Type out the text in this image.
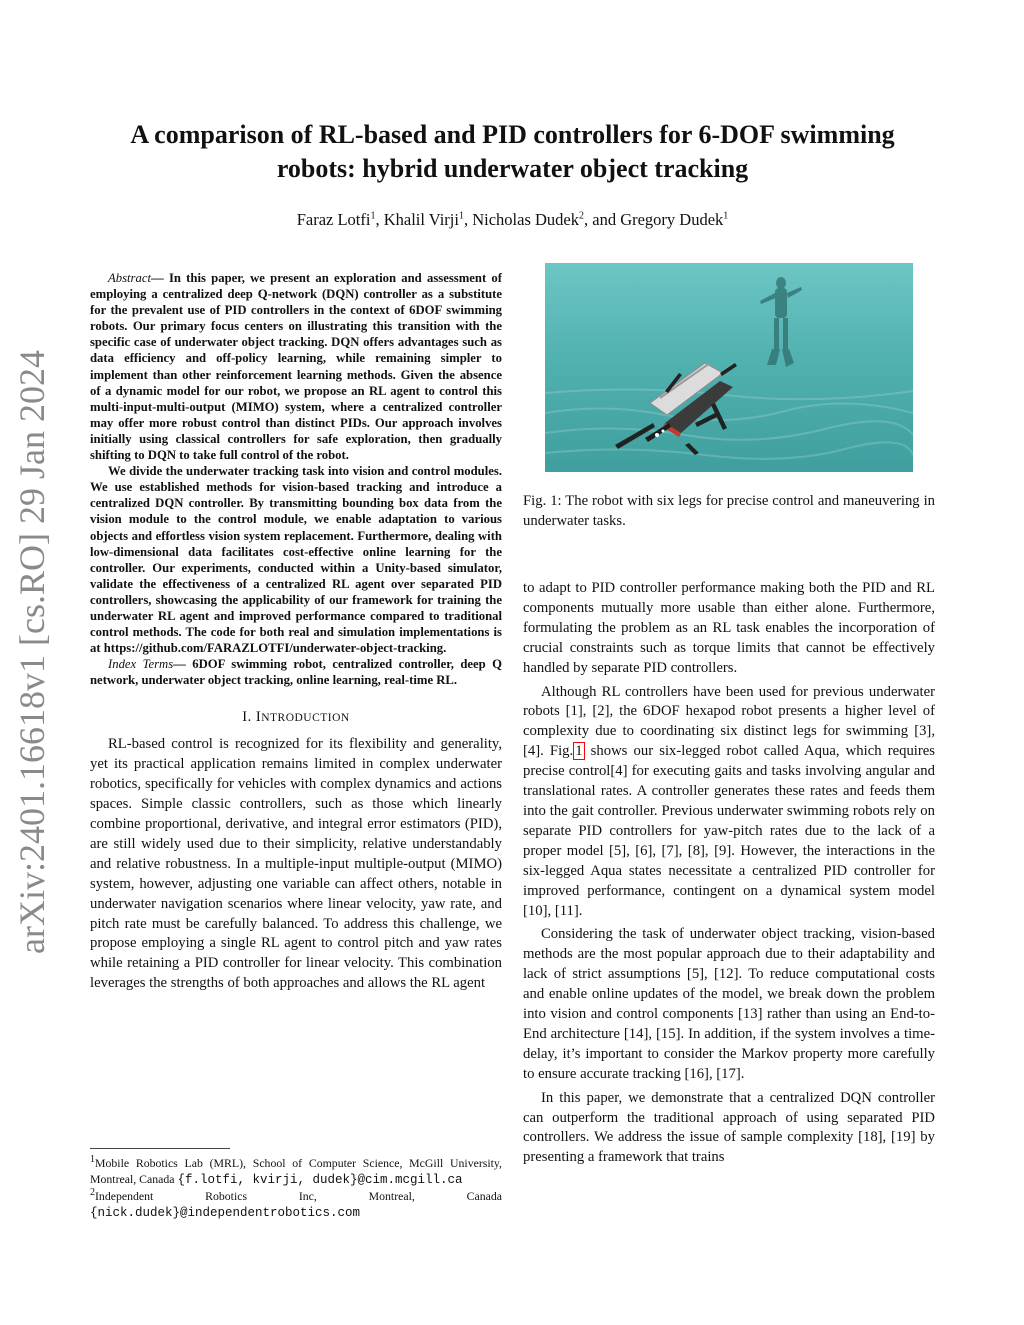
arXiv:2401.16618v1 [cs.RO] 29 Jan 2024
A comparison of RL-based and PID controllers for 6-DOF swimming robots: hybrid underwater object tracking
Faraz Lotfi$^1$, Khalil Virji$^1$, Nicholas Dudek$^2$, and Gregory Dudek$^1$

Abstract— In this paper, we present an exploration and assessment of employing a centralized deep Q-network (DQN) controller as a substitute for the prevalent use of PID controllers in the context of 6DOF swimming robots. Our primary focus centers on illustrating this transition with the specific case of underwater object tracking. DQN offers advantages such as data efficiency and off-policy learning, while remaining simpler to implement than other reinforcement learning methods. Given the absence of a dynamic model for our robot, we propose an RL agent to control this multi-input-multi-output (MIMO) system, where a centralized controller may offer more robust control than distinct PIDs. Our approach involves initially using classical controllers for safe exploration, then gradually shifting to DQN to take full control of the robot.

We divide the underwater tracking task into vision and control modules. We use established methods for vision-based tracking and introduce a centralized DQN controller. By transmitting bounding box data from the vision module to the control module, we enable adaptation to various objects and effortless vision system replacement. Furthermore, dealing with low-dimensional data facilitates cost-effective online learning for the controller. Our experiments, conducted within a Unity-based simulator, validate the effectiveness of a centralized RL agent over separated PID controllers, showcasing the applicability of our framework for training the underwater RL agent and improved performance compared to traditional control methods. The code for both real and simulation implementations is at https://github.com/FARAZLOTFI/underwater-object-tracking.

Index Terms— 6DOF swimming robot, centralized controller, deep Q network, underwater object tracking, online learning, real-time RL.

I. INTRODUCTION

RL-based control is recognized for its flexibility and generality, yet its practical application remains limited in complex underwater robotics, specifically for vehicles with complex dynamics and actions spaces. Simple classic controllers, such as those which linearly combine proportional, derivative, and integral error estimators (PID), are still widely used due to their simplicity, relative understandably and relative robustness. In a multiple-input multiple-output (MIMO) system, however, adjusting one variable can affect others, notable in underwater navigation scenarios where linear velocity, yaw rate, and pitch rate must be carefully balanced. To address this challenge, we propose employing a single RL agent to control pitch and yaw rates while retaining a PID controller for linear velocity. This combination leverages the strengths of both approaches and allows the RL agent

$^1$Mobile Robotics Lab (MRL), School of Computer Science, McGill University, Montreal, Canada {f.lotfi, kvirji, dudek}@cim.mcgill.ca

$^2$Independent Robotics Inc, Montreal, Canada {nick.dudek}@independentrobotics.com

Fig. 1: The robot with six legs for precise control and maneuvering in underwater tasks.

to adapt to PID controller performance making both the PID and RL components mutually more usable than either alone. Furthermore, formulating the problem as an RL task enables the incorporation of crucial constraints such as torque limits that cannot be effectively handled by separate PID controllers.

Although RL controllers have been used for previous underwater robots [1], [2], the 6DOF hexapod robot presents a higher level of complexity due to coordinating six distinct legs for swimming [3], [4]. Fig. 1 shows our six-legged robot called Aqua, which requires precise control[4] for executing gaits and tasks involving angular and translational rates. A controller generates these rates and feeds them into the gait controller. Previous underwater swimming robots rely on separate PID controllers for yaw-pitch rates due to the lack of a proper model [5], [6], [7], [8], [9]. However, the interactions in the six-legged Aqua states necessitate a centralized PID controller for improved performance, contingent on a dynamical system model [10], [11].

Considering the task of underwater object tracking, vision-based methods are the most popular approach due to their adaptability and lack of strict assumptions [5], [12]. To reduce computational costs and enable online updates of the model, we break down the problem into vision and control components [13] rather than using an End-to-End architecture [14], [15]. In addition, if the system involves a time-delay, it’s important to consider the Markov property more carefully to ensure accurate tracking [16], [17].

In this paper, we demonstrate that a centralized DQN controller can outperform the traditional approach of using separated PID controllers. We address the issue of sample complexity [18], [19] by presenting a framework that trains
